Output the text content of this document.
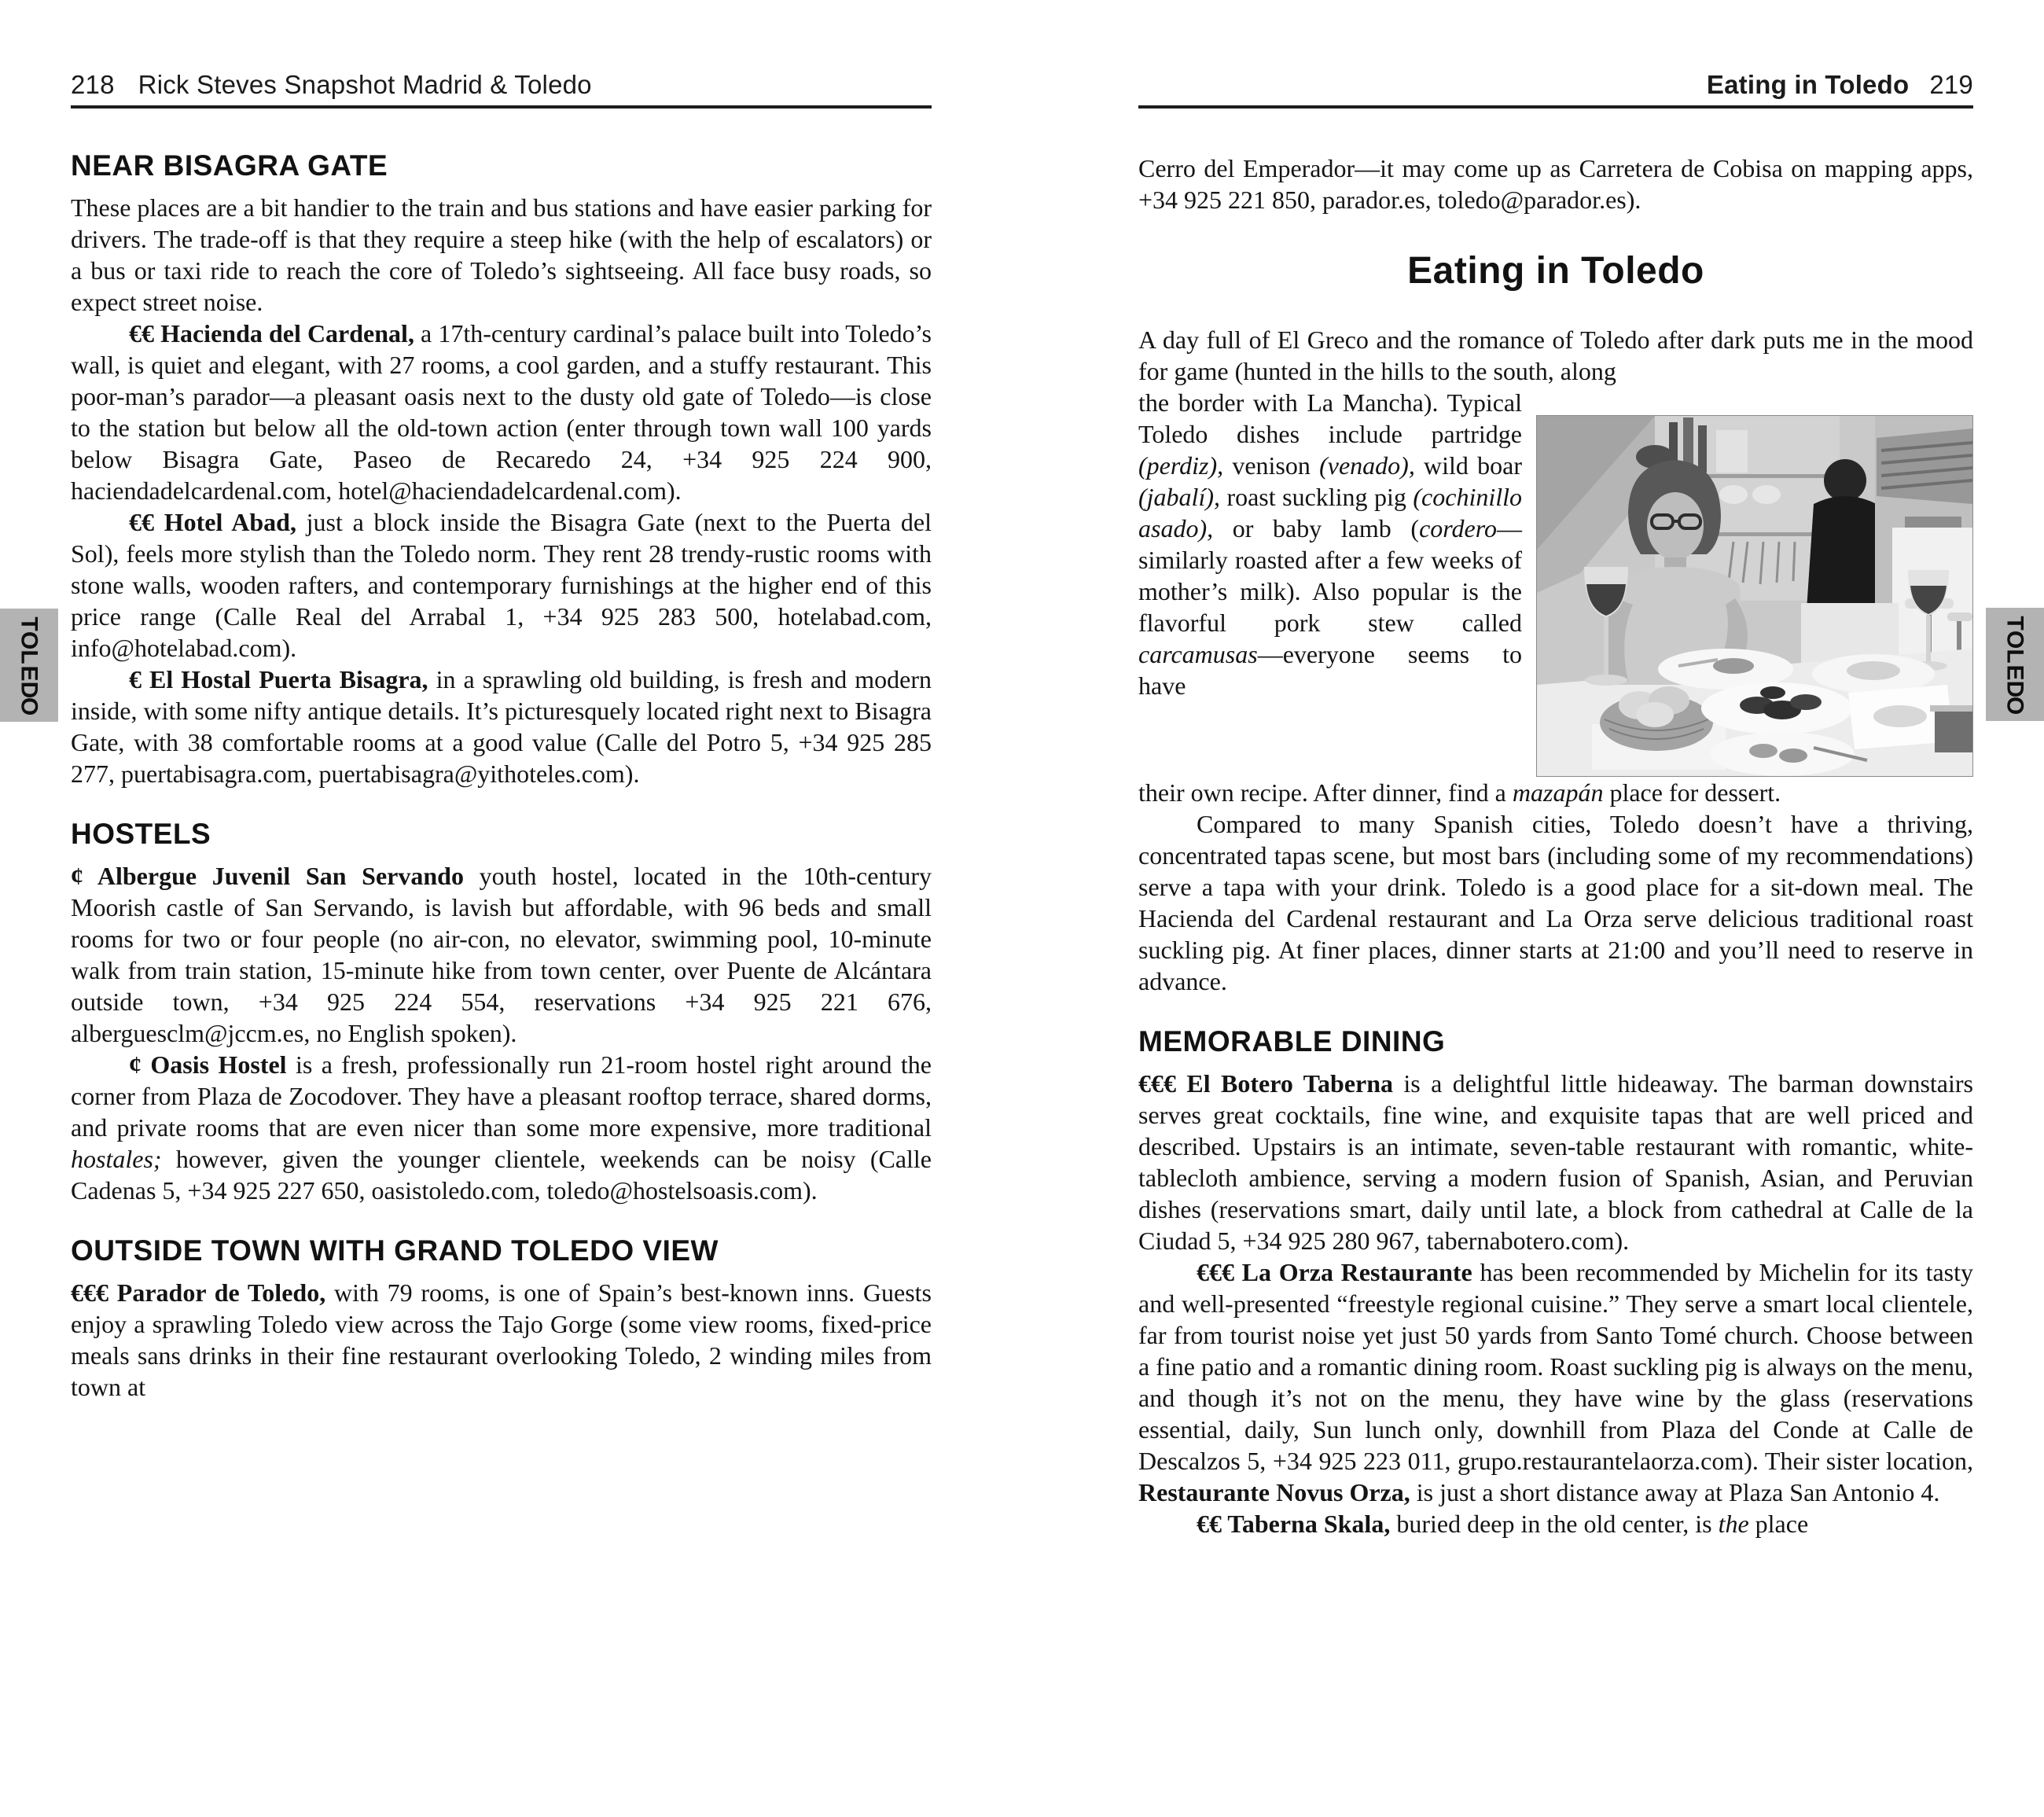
T
O
L
E
D
O
T
O
L
E
D
O
218 Rick Steves Snapshot Madrid & Toledo
NEAR BISAGRA GATE

These places are a bit handier to the train and bus stations and have easier parking for drivers. The trade-off is that they require a steep hike (with the help of escalators) or a bus or taxi ride to reach the core of Toledo’s sightseeing. All face busy roads, so expect street noise.

€€ Hacienda del Cardenal, a 17th-century cardinal’s palace built into Toledo’s wall, is quiet and elegant, with 27 rooms, a cool garden, and a stuffy restaurant. This poor-man’s parador—a pleasant oasis next to the dusty old gate of Toledo—is close to the station but below all the old-town action (enter through town wall 100 yards below Bisagra Gate, Paseo de Recaredo 24, +34 925 224 900, haciendadelcardenal.com, hotel@haciendadelcardenal.com).

€€ Hotel Abad, just a block inside the Bisagra Gate (next to the Puerta del Sol), feels more stylish than the Toledo norm. They rent 28 trendy-rustic rooms with stone walls, wooden rafters, and contemporary furnishings at the higher end of this price range (Calle Real del Arrabal 1, +34 925 283 500, hotelabad.com, info@hotelabad.com).

€ El Hostal Puerta Bisagra, in a sprawling old building, is fresh and modern inside, with some nifty antique details. It’s picturesquely located right next to Bisagra Gate, with 38 comfortable rooms at a good value (Calle del Potro 5, +34 925 285 277, puertabisagra.com, puertabisagra@yithoteles.com).

HOSTELS

¢ Albergue Juvenil San Servando youth hostel, located in the 10th-century Moorish castle of San Servando, is lavish but affordable, with 96 beds and small rooms for two or four people (no air-con, no elevator, swimming pool, 10-minute walk from train station, 15-minute hike from town center, over Puente de Alcántara outside town, +34 925 224 554, reservations +34 925 221 676, alberguesclm@jccm.es, no English spoken).

¢ Oasis Hostel is a fresh, professionally run 21-room hostel right around the corner from Plaza de Zocodover. They have a pleasant rooftop terrace, shared dorms, and private rooms that are even nicer than some more expensive, more traditional hostales; however, given the younger clientele, weekends can be noisy (Calle Cadenas 5, +34 925 227 650, oasistoledo.com, toledo@hostelsoasis.com).

OUTSIDE TOWN WITH GRAND TOLEDO VIEW

€€€ Parador de Toledo, with 79 rooms, is one of Spain’s best-known inns. Guests enjoy a sprawling Toledo view across the Tajo Gorge (some view rooms, fixed-price meals sans drinks in their fine restaurant overlooking Toledo, 2 winding miles from town at

Eating in Toledo 219

Cerro del Emperador—it may come up as Carretera de Cobisa on mapping apps, +34 925 221 850, parador.es, toledo@parador.es).

Eating in Toledo

A day full of El Greco and the romance of Toledo after dark puts me in the mood for game (hunted in the hills to the south, along

the border with La Mancha). Typical Toledo dishes include partridge (perdiz), venison (venado), wild boar (jabalí), roast suckling pig (cochinillo asado), or baby lamb (cordero—similarly roasted after a few weeks of mother’s milk). Also popular is the flavorful pork stew called carcamusas—everyone seems to have

their own recipe. After dinner, find a mazapán place for dessert.

Compared to many Spanish cities, Toledo doesn’t have a thriving, concentrated tapas scene, but most bars (including some of my recommendations) serve a tapa with your drink. Toledo is a good place for a sit-down meal. The Hacienda del Cardenal restaurant and La Orza serve delicious traditional roast suckling pig. At finer places, dinner starts at 21:00 and you’ll need to reserve in advance.

MEMORABLE DINING

€€€ El Botero Taberna is a delightful little hideaway. The barman downstairs serves great cocktails, fine wine, and exquisite tapas that are well priced and described. Upstairs is an intimate, seven-table restaurant with romantic, white-tablecloth ambience, serving a modern fusion of Spanish, Asian, and Peruvian dishes (reservations smart, daily until late, a block from cathedral at Calle de la Ciudad 5, +34 925 280 967, tabernabotero.com).

€€€ La Orza Restaurante has been recommended by Michelin for its tasty and well-presented “freestyle regional cuisine.” They serve a smart local clientele, far from tourist noise yet just 50 yards from Santo Tomé church. Choose between a fine patio and a romantic dining room. Roast suckling pig is always on the menu, and though it’s not on the menu, they have wine by the glass (reservations essential, daily, Sun lunch only, downhill from Plaza del Conde at Calle de Descalzos 5, +34 925 223 011, grupo.restaurantelaorza.com). Their sister location, Restaurante Novus Orza, is just a short distance away at Plaza San Antonio 4.

€€ Taberna Skala, buried deep in the old center, is the place
